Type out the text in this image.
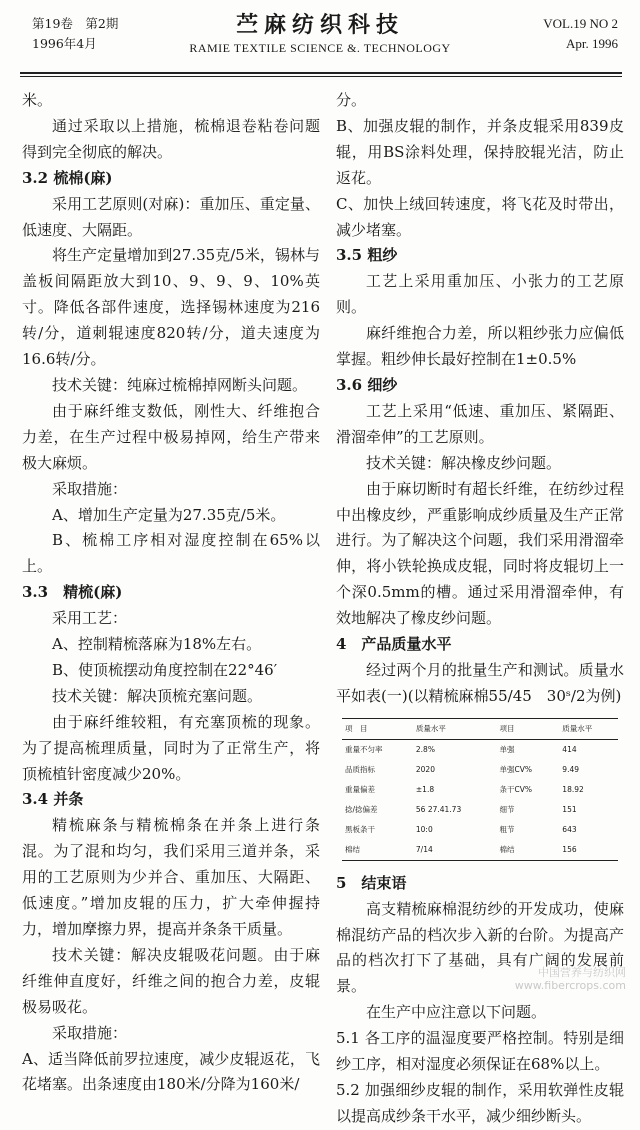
第19卷　第2期
1996年4月
苎麻纺织科技
RAMIE TEXTILE SCIENCE &. TECHNOLOGY
VOL.19 NO 2
Apr. 1996

米。

通过采取以上措施，梳棉退卷粘卷问题得到完全彻底的解决。

3.2 梳棉(麻)

采用工艺原则(对麻)：重加压、重定量、低速度、大隔距。

将生产定量增加到27.35克/5米，锡林与盖板间隔距放大到10、9、9、9、10%英寸。降低各部件速度，选择锡林速度为216转/分，道刺辊速度820转/分，道夫速度为16.6转/分。

技术关键：纯麻过梳棉掉网断头问题。

由于麻纤维支数低，刚性大、纤维抱合力差，在生产过程中极易掉网，给生产带来极大麻烦。

采取措施：

A、增加生产定量为27.35克/5米。

B、梳棉工序相对湿度控制在65%以上。

3.3　精梳(麻)

采用工艺：

A、控制精梳落麻为18%左右。

B、使顶梳摆动角度控制在22°46′

技术关键：解决顶梳充塞问题。

由于麻纤维较粗，有充塞顶梳的现象。为了提高梳理质量，同时为了正常生产，将顶梳植针密度减少20%。

3.4 并条

精梳麻条与精梳棉条在并条上进行条混。为了混和均匀，我们采用三道并条，采用的工艺原则为少并合、重加压、大隔距、低速度。”增加皮辊的压力，扩大牵伸握持力，增加摩擦力界，提高并条条干质量。

技术关键：解决皮辊吸花问题。由于麻纤维伸直度好，纤维之间的抱合力差，皮辊极易吸花。

采取措施：

A、适当降低前罗拉速度，减少皮辊返花，飞花堵塞。出条速度由180米/分降为160米/

分。

B、加强皮辊的制作，并条皮辊采用839皮辊，用BS涂料处理，保持胶辊光洁，防止返花。

C、加快上绒回转速度，将飞花及时带出，减少堵塞。

3.5 粗纱

工艺上采用重加压、小张力的工艺原则。

麻纤维抱合力差，所以粗纱张力应偏低掌握。粗纱伸长最好控制在1±0.5%

3.6 细纱

工艺上采用“低速、重加压、紧隔距、滑溜牵伸”的工艺原则。

技术关键：解决橡皮纱问题。

由于麻切断时有超长纤维，在纺纱过程中出橡皮纱，严重影响成纱质量及生产正常进行。为了解决这个问题，我们采用滑溜牵伸，将小铁轮换成皮辊，同时将皮辊切上一个深0.5mm的槽。通过采用滑溜牵伸，有效地解决了橡皮纱问题。

4　产品质量水平

经过两个月的批量生产和测试。质量水平如表(一)(以精梳麻棉55/45　30ˢ/2为例)

项　目	质量水平	项目	质量水平
重量不匀率	2.8%	单强	414
品质指标	2020	单强CV%	9.49
重量偏差	±1.8	条干CV%	18.92
捻/捻偏差	56 27.41.73	细节	151
黑板条干	10:0	粗节	643
棉结	7/14	棉结	156

5　结束语

高支精梳麻棉混纺纱的开发成功，使麻棉混纺产品的档次步入新的台阶。为提高产品的档次打下了基础，具有广阔的发展前景。

在生产中应注意以下问题。

5.1 各工序的温湿度要严格控制。特别是细纱工序，相对湿度必须保证在68%以上。

5.2 加强细纱皮辊的制作，采用软弹性皮辊以提高成纱条干水平，减少细纱断头。

中国营养与纺织网
www.fibercrops.com
